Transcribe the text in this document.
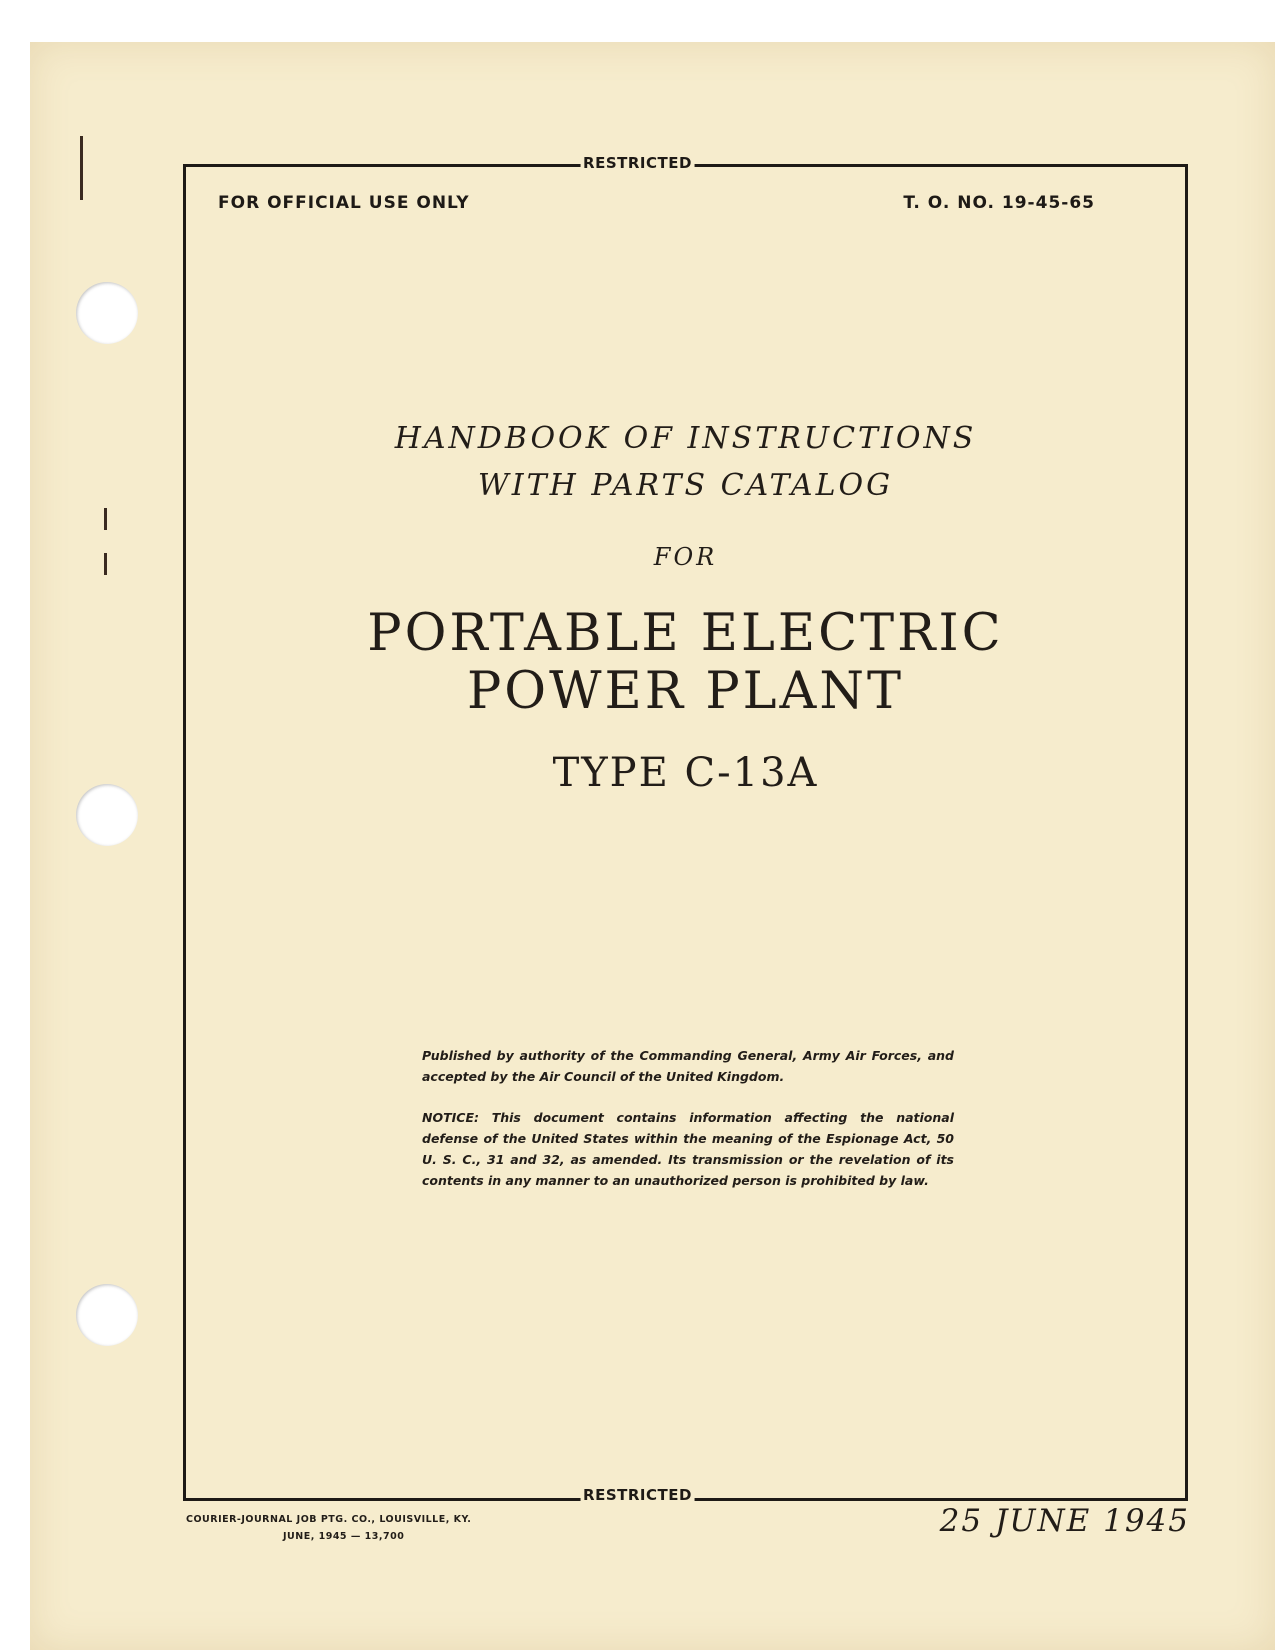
RESTRICTED
FOR OFFICIAL USE ONLY	T. O. NO. 19-45-65
HANDBOOK OF INSTRUCTIONS
WITH PARTS CATALOG
FOR
PORTABLE ELECTRIC
POWER PLANT
TYPE C-13A
Published by authority of the Commanding General, Army Air Forces, and accepted by the Air Council of the United Kingdom.
NOTICE: This document contains information affecting the national defense of the United States within the meaning of the Espionage Act, 50 U. S. C., 31 and 32, as amended. Its transmission or the revelation of its contents in any manner to an unauthorized person is prohibited by law.
RESTRICTED
COURIER-JOURNAL JOB PTG. CO., LOUISVILLE, KY.
JUNE, 1945 — 13,700	25 JUNE 1945
